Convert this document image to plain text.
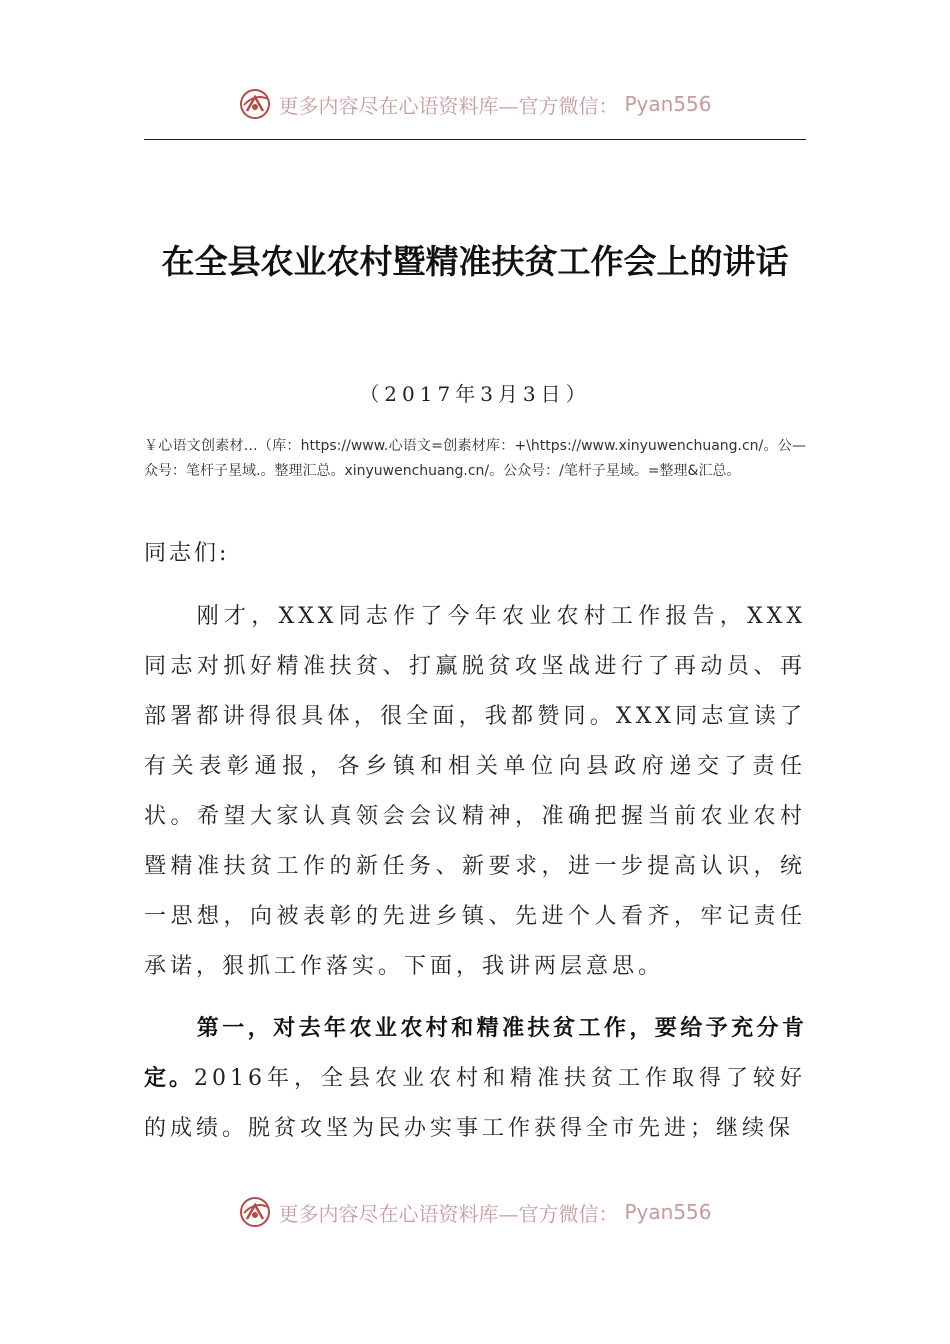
更多内容尽在心语资料库—官方微信： Pyan556
在全县农业农村暨精准扶贫工作会上的讲话
（2017年3月3日）
￥心语文创素材…（库：https://www.心语文=创素材库：+\https://www.xinyuwenchuang.cn/。公—众号：笔杆子星域.。整理汇总。xinyuwenchuang.cn/。公众号：/笔杆子星域。=整理&汇总。
同志们:

刚才，XXX同志作了今年农业农村工作报告，XXX同志对抓好精准扶贫、打赢脱贫攻坚战进行了再动员、再部署都讲得很具体，很全面，我都赞同。XXX同志宣读了有关表彰通报，各乡镇和相关单位向县政府递交了责任状。希望大家认真领会会议精神，准确把握当前农业农村暨精准扶贫工作的新任务、新要求，进一步提高认识，统一思想，向被表彰的先进乡镇、先进个人看齐，牢记责任承诺，狠抓工作落实。下面，我讲两层意思。

第一，对去年农业农村和精准扶贫工作，要给予充分肯定。2016年，全县农业农村和精准扶贫工作取得了较好的成绩。脱贫攻坚为民办实事工作获得全市先进；继续保

更多内容尽在心语资料库—官方微信： Pyan556
